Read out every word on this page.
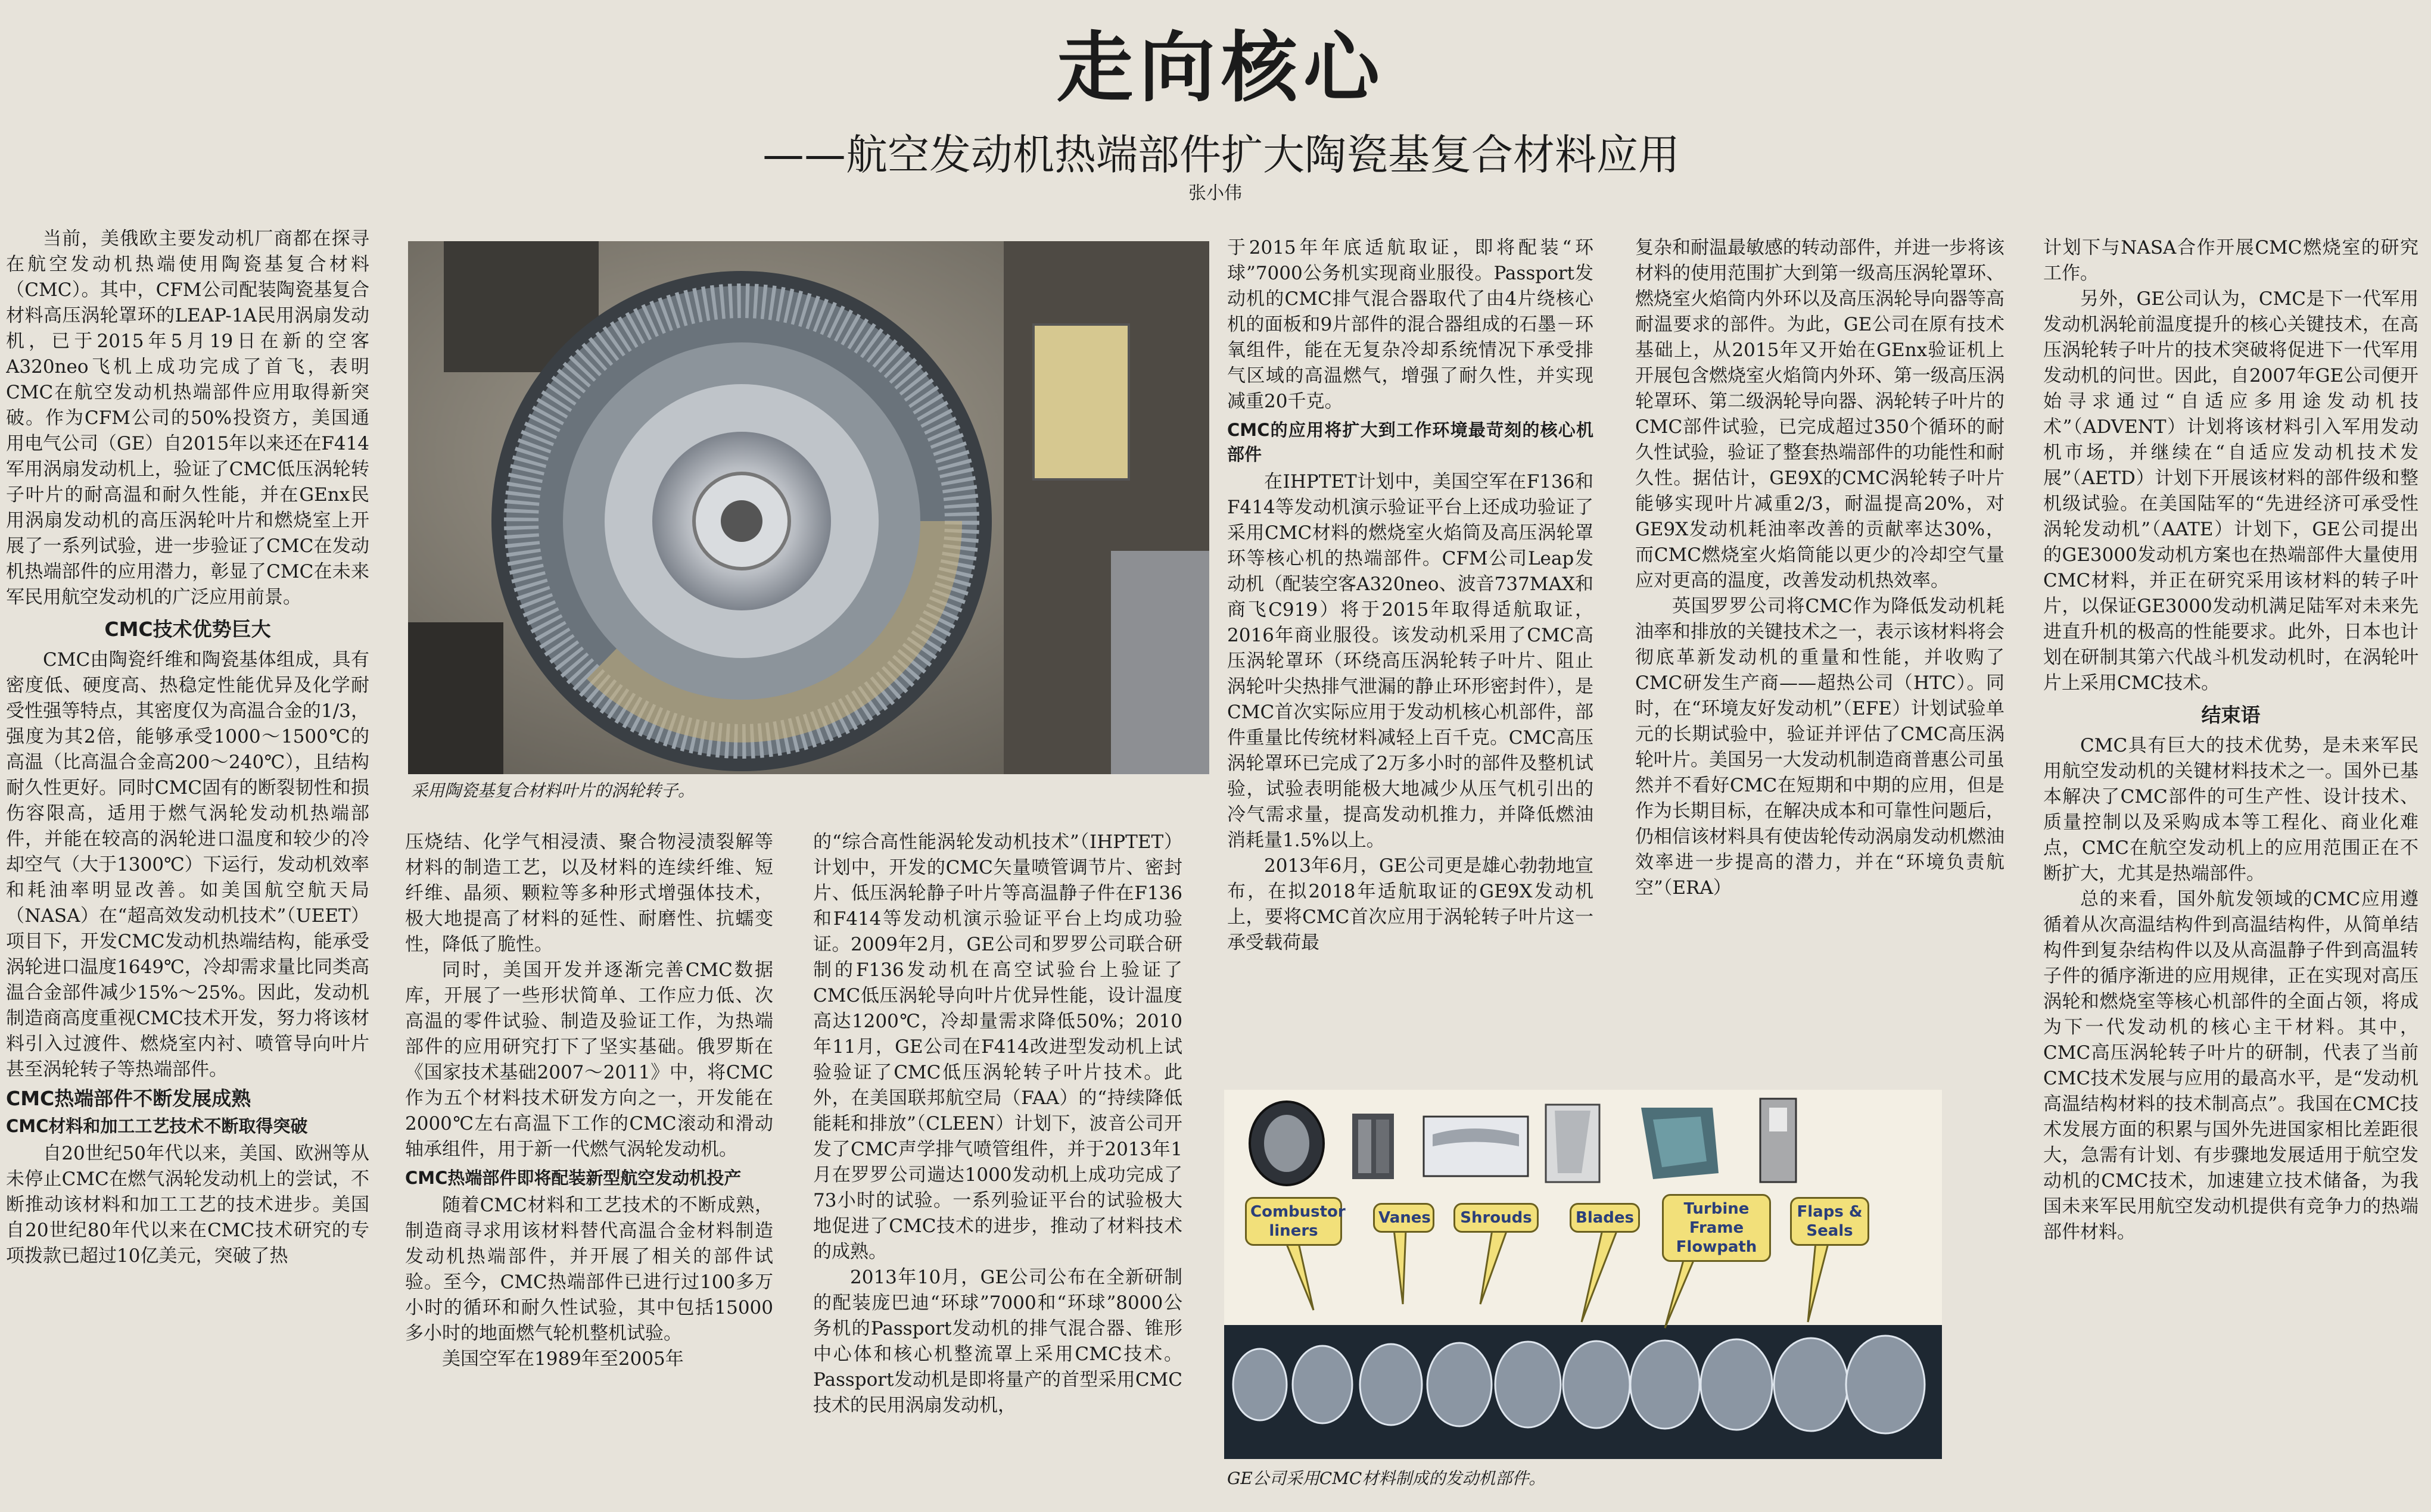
走向核心
——航空发动机热端部件扩大陶瓷基复合材料应用
张小伟

当前，美俄欧主要发动机厂商都在探寻在航空发动机热端使用陶瓷基复合材料（CMC）。其中，CFM公司配装陶瓷基复合材料高压涡轮罩环的LEAP-1A民用涡扇发动机，已于2015年5月19日在新的空客A320neo飞机上成功完成了首飞，表明CMC在航空发动机热端部件应用取得新突破。作为CFM公司的50%投资方，美国通用电气公司（GE）自2015年以来还在F414军用涡扇发动机上，验证了CMC低压涡轮转子叶片的耐高温和耐久性能，并在GEnx民用涡扇发动机的高压涡轮叶片和燃烧室上开展了一系列试验，进一步验证了CMC在发动机热端部件的应用潜力，彰显了CMC在未来军民用航空发动机的广泛应用前景。

CMC技术优势巨大

CMC由陶瓷纤维和陶瓷基体组成，具有密度低、硬度高、热稳定性能优异及化学耐受性强等特点，其密度仅为高温合金的1/3，强度为其2倍，能够承受1000～1500℃的高温（比高温合金高200～240℃），且结构耐久性更好。同时CMC固有的断裂韧性和损伤容限高，适用于燃气涡轮发动机热端部件，并能在较高的涡轮进口温度和较少的冷却空气（大于1300℃）下运行，发动机效率和耗油率明显改善。如美国航空航天局（NASA）在“超高效发动机技术”（UEET）项目下，开发CMC发动机热端结构，能承受涡轮进口温度1649℃，冷却需求量比同类高温合金部件减少15%～25%。因此，发动机制造商高度重视CMC技术开发，努力将该材料引入过渡件、燃烧室内衬、喷管导向叶片甚至涡轮转子等热端部件。

CMC热端部件不断发展成熟
CMC材料和加工工艺技术不断取得突破

自20世纪50年代以来，美国、欧洲等从未停止CMC在燃气涡轮发动机上的尝试，不断推动该材料和加工工艺的技术进步。美国自20世纪80年代以来在CMC技术研究的专项拨款已超过10亿美元，突破了热

采用陶瓷基复合材料叶片的涡轮转子。

压烧结、化学气相浸渍、聚合物浸渍裂解等材料的制造工艺，以及材料的连续纤维、短纤维、晶须、颗粒等多种形式增强体技术，极大地提高了材料的延性、耐磨性、抗蠕变性，降低了脆性。

同时，美国开发并逐渐完善CMC数据库，开展了一些形状简单、工作应力低、次高温的零件试验、制造及验证工作，为热端部件的应用研究打下了坚实基础。俄罗斯在《国家技术基础2007～2011》中，将CMC作为五个材料技术研发方向之一，开发能在2000℃左右高温下工作的CMC滚动和滑动轴承组件，用于新一代燃气涡轮发动机。

CMC热端部件即将配装新型航空发动机投产

随着CMC材料和工艺技术的不断成熟，制造商寻求用该材料替代高温合金材料制造发动机热端部件，并开展了相关的部件试验。至今，CMC热端部件已进行过100多万小时的循环和耐久性试验，其中包括15000多小时的地面燃气轮机整机试验。

美国空军在1989年至2005年

的“综合高性能涡轮发动机技术”（IHPTET）计划中，开发的CMC矢量喷管调节片、密封片、低压涡轮静子叶片等高温静子件在F136和F414等发动机演示验证平台上均成功验证。2009年2月，GE公司和罗罗公司联合研制的F136发动机在高空试验台上验证了CMC低压涡轮导向叶片优异性能，设计温度高达1200℃，冷却量需求降低50%；2010年11月，GE公司在F414改进型发动机上试验验证了CMC低压涡轮转子叶片技术。此外，在美国联邦航空局（FAA）的“持续降低能耗和排放”（CLEEN）计划下，波音公司开发了CMC声学排气喷管组件，并于2013年1月在罗罗公司遄达1000发动机上成功完成了73小时的试验。一系列验证平台的试验极大地促进了CMC技术的进步，推动了材料技术的成熟。

2013年10月，GE公司公布在全新研制的配装庞巴迪“环球”7000和“环球”8000公务机的Passport发动机的排气混合器、锥形中心体和核心机整流罩上采用CMC技术。Passport发动机是即将量产的首型采用CMC技术的民用涡扇发动机，

于2015年年底适航取证，即将配装“环球”7000公务机实现商业服役。Passport发动机的CMC排气混合器取代了由4片绕核心机的面板和9片部件的混合器组成的石墨－环氧组件，能在无复杂冷却系统情况下承受排气区域的高温燃气，增强了耐久性，并实现减重20千克。

CMC的应用将扩大到工作环境最苛刻的核心机部件

在IHPTET计划中，美国空军在F136和F414等发动机演示验证平台上还成功验证了采用CMC材料的燃烧室火焰筒及高压涡轮罩环等核心机的热端部件。CFM公司Leap发动机（配装空客A320neo、波音737MAX和商飞C919）将于2015年取得适航取证，2016年商业服役。该发动机采用了CMC高压涡轮罩环（环绕高压涡轮转子叶片、阻止涡轮叶尖热排气泄漏的静止环形密封件），是CMC首次实际应用于发动机核心机部件，部件重量比传统材料减轻上百千克。CMC高压涡轮罩环已完成了2万多小时的部件及整机试验，试验表明能极大地减少从压气机引出的冷气需求量，提高发动机推力，并降低燃油消耗量1.5%以上。

2013年6月，GE公司更是雄心勃勃地宣布，在拟2018年适航取证的GE9X发动机上，要将CMC首次应用于涡轮转子叶片这一承受载荷最

复杂和耐温最敏感的转动部件，并进一步将该材料的使用范围扩大到第一级高压涡轮罩环、燃烧室火焰筒内外环以及高压涡轮导向器等高耐温要求的部件。为此，GE公司在原有技术基础上，从2015年又开始在GEnx验证机上开展包含燃烧室火焰筒内外环、第一级高压涡轮罩环、第二级涡轮导向器、涡轮转子叶片的CMC部件试验，已完成超过350个循环的耐久性试验，验证了整套热端部件的功能性和耐久性。据估计，GE9X的CMC涡轮转子叶片能够实现叶片减重2/3，耐温提高20%，对GE9X发动机耗油率改善的贡献率达30%，而CMC燃烧室火焰筒能以更少的冷却空气量应对更高的温度，改善发动机热效率。

英国罗罗公司将CMC作为降低发动机耗油率和排放的关键技术之一，表示该材料将会彻底革新发动机的重量和性能，并收购了CMC研发生产商——超热公司（HTC）。同时，在“环境友好发动机”（EFE）计划试验单元的长期试验中，验证并评估了CMC高压涡轮叶片。美国另一大发动机制造商普惠公司虽然并不看好CMC在短期和中期的应用，但是作为长期目标，在解决成本和可靠性问题后，仍相信该材料具有使齿轮传动涡扇发动机燃油效率进一步提高的潜力，并在“环境负责航空”（ERA）

计划下与NASA合作开展CMC燃烧室的研究工作。

另外，GE公司认为，CMC是下一代军用发动机涡轮前温度提升的核心关键技术，在高压涡轮转子叶片的技术突破将促进下一代军用发动机的问世。因此，自2007年GE公司便开始寻求通过“自适应多用途发动机技术”（ADVENT）计划将该材料引入军用发动机市场，并继续在“自适应发动机技术发展”（AETD）计划下开展该材料的部件级和整机级试验。在美国陆军的“先进经济可承受性涡轮发动机”（AATE）计划下，GE公司提出的GE3000发动机方案也在热端部件大量使用CMC材料，并正在研究采用该材料的转子叶片，以保证GE3000发动机满足陆军对未来先进直升机的极高的性能要求。此外，日本也计划在研制其第六代战斗机发动机时，在涡轮叶片上采用CMC技术。

结束语

CMC具有巨大的技术优势，是未来军民用航空发动机的关键材料技术之一。国外已基本解决了CMC部件的可生产性、设计技术、质量控制以及采购成本等工程化、商业化难点，CMC在航空发动机上的应用范围正在不断扩大，尤其是热端部件。

总的来看，国外航发领域的CMC应用遵循着从次高温结构件到高温结构件，从简单结构件到复杂结构件以及从高温静子件到高温转子件的循序渐进的应用规律，正在实现对高压涡轮和燃烧室等核心机部件的全面占领，将成为下一代发动机的核心主干材料。其中，CMC高压涡轮转子叶片的研制，代表了当前CMC技术发展与应用的最高水平，是“发动机高温结构材料的技术制高点”。我国在CMC技术发展方面的积累与国外先进国家相比差距很大，急需有计划、有步骤地发展适用于航空发动机的CMC技术，加速建立技术储备，为我国未来军民用航空发动机提供有竞争力的热端部件材料。

Combustor liners
Vanes	Shrouds	Blades	Turbine Frame Flowpath
Flaps & Seals
GE公司采用CMC材料制成的发动机部件。
